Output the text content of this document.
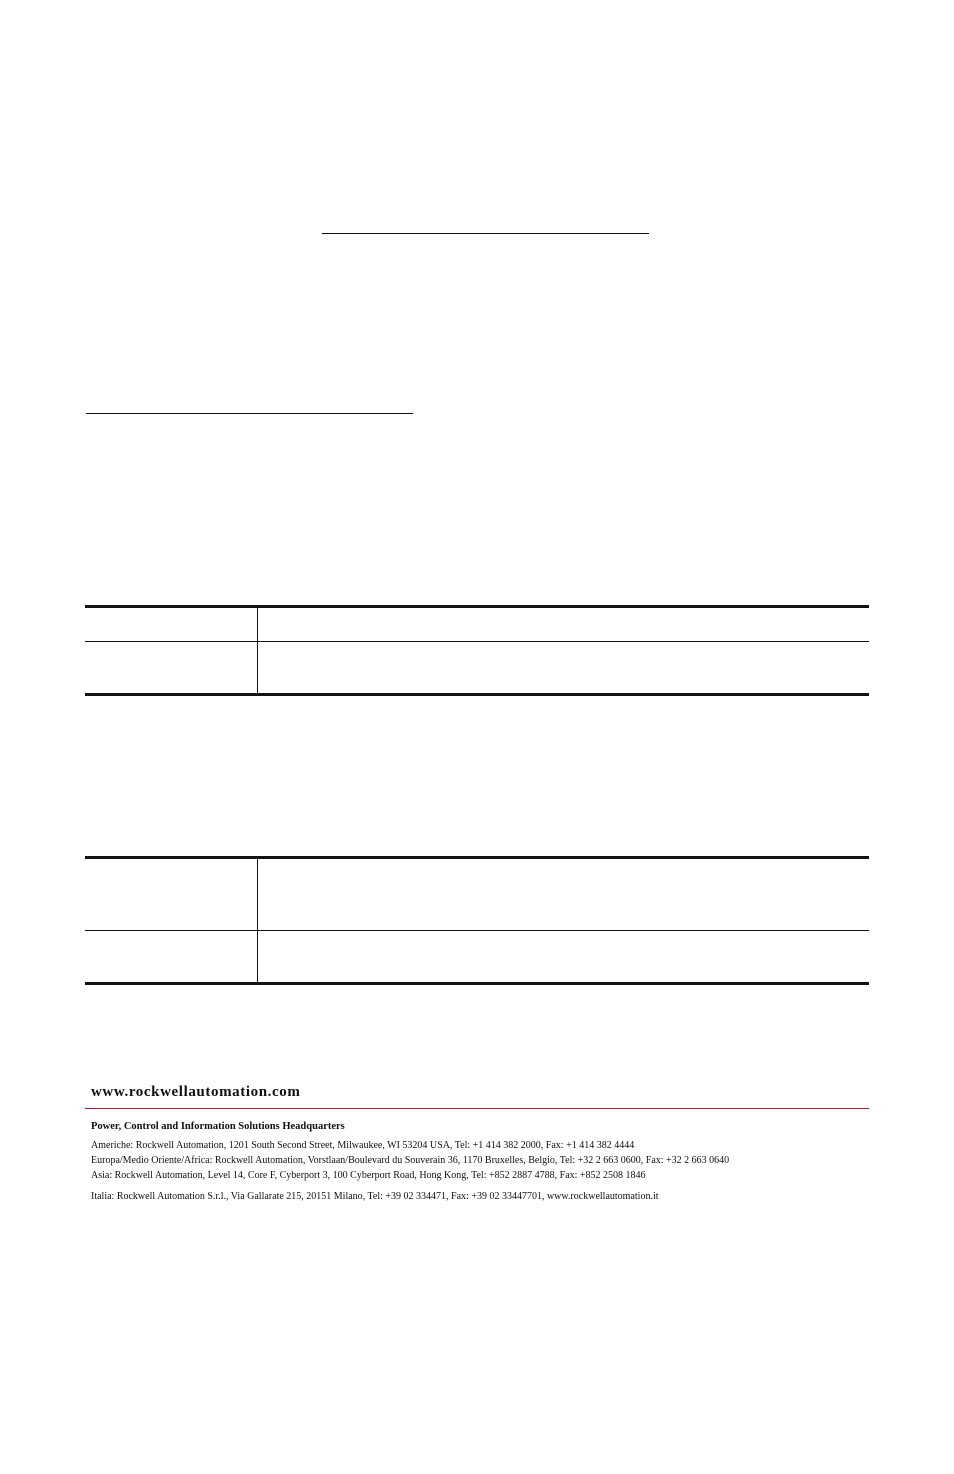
www.rockwellautomation.com

Power, Control and Information Solutions Headquarters

Americhe: Rockwell Automation, 1201 South Second Street, Milwaukee, WI 53204 USA, Tel: +1 414 382 2000, Fax: +1 414 382 4444

Europa/Medio Oriente/Africa: Rockwell Automation, Vorstlaan/Boulevard du Souverain 36, 1170 Bruxelles, Belgio, Tel: +32 2 663 0600, Fax: +32 2 663 0640

Asia: Rockwell Automation, Level 14, Core F, Cyberport 3, 100 Cyberport Road, Hong Kong, Tel: +852 2887 4788, Fax: +852 2508 1846

Italia: Rockwell Automation S.r.l., Via Gallarate 215, 20151 Milano, Tel: +39 02 334471, Fax: +39 02 33447701, www.rockwellautomation.it
